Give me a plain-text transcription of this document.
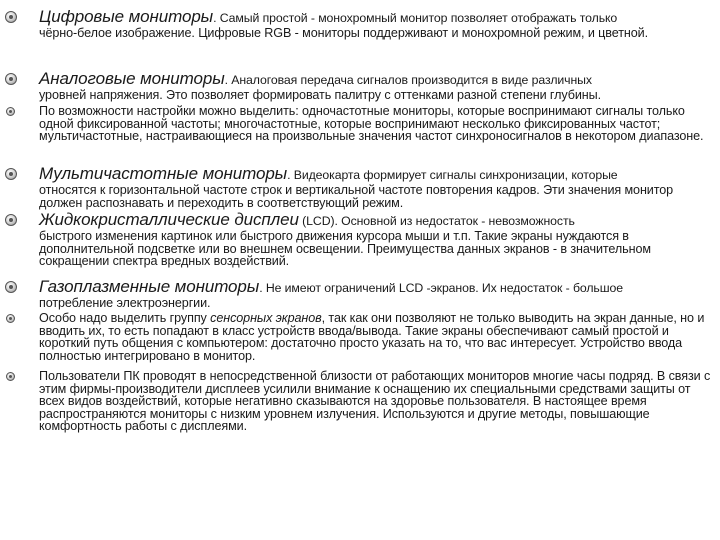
Цифровые мониторы. Самый простой - монохромный монитор позволяет отображать только
чёрно-белое изображение. Цифровые RGB - мониторы поддерживают и монохромной режим, и цветной.
Аналоговые мониторы. Аналоговая передача сигналов производится в виде различных
уровней напряжения. Это позволяет формировать палитру с оттенками разной степени глубины.
По возможности настройки можно выделить: одночастотные мониторы, которые воспринимают сигналы только одной фиксированной частоты; многочастотные, которые воспринимают несколько фиксированных частот; мультичастотные, настраивающиеся на произвольные значения частот синхроносигналов в некотором диапазоне.
Мультичастотные мониторы. Видеокарта формирует сигналы синхронизации, которые
относятся к горизонтальной частоте строк и вертикальной частоте повторения кадров. Эти значения монитор должен распознавать и переходить в соответствующий режим.
Жидкокристаллические дисплеи (LCD). Основной из недостаток - невозможность
быстрого изменения картинок или быстрого движения курсора мыши и т.п. Такие экраны нуждаются в дополнительной подсветке или во внешнем освещении. Преимущества данных экранов - в значительном сокращении спектра вредных воздействий.
Газоплазменные мониторы. Не имеют ограничений LCD -экранов. Их недостаток - большое
потребление электроэнергии.
Особо надо выделить группу сенсорных экранов, так как они позволяют не только выводить на экран данные, но и вводить их, то есть попадают в класс устройств ввода/вывода. Такие экраны обеспечивают самый простой и короткий путь общения с компьютером: достаточно просто указать на то, что вас интересует. Устройство ввода полностью интегрировано в монитор.
Пользователи ПК проводят в непосредственной близости от работающих мониторов многие часы подряд. В связи с этим фирмы-производители дисплеев усилили внимание к оснащению их специальными средствами защиты от всех видов воздействий, которые негативно сказываются на здоровье пользователя. В настоящее время распространяются мониторы с низким уровнем излучения. Используются и другие методы, повышающие комфортность работы с дисплеями.
